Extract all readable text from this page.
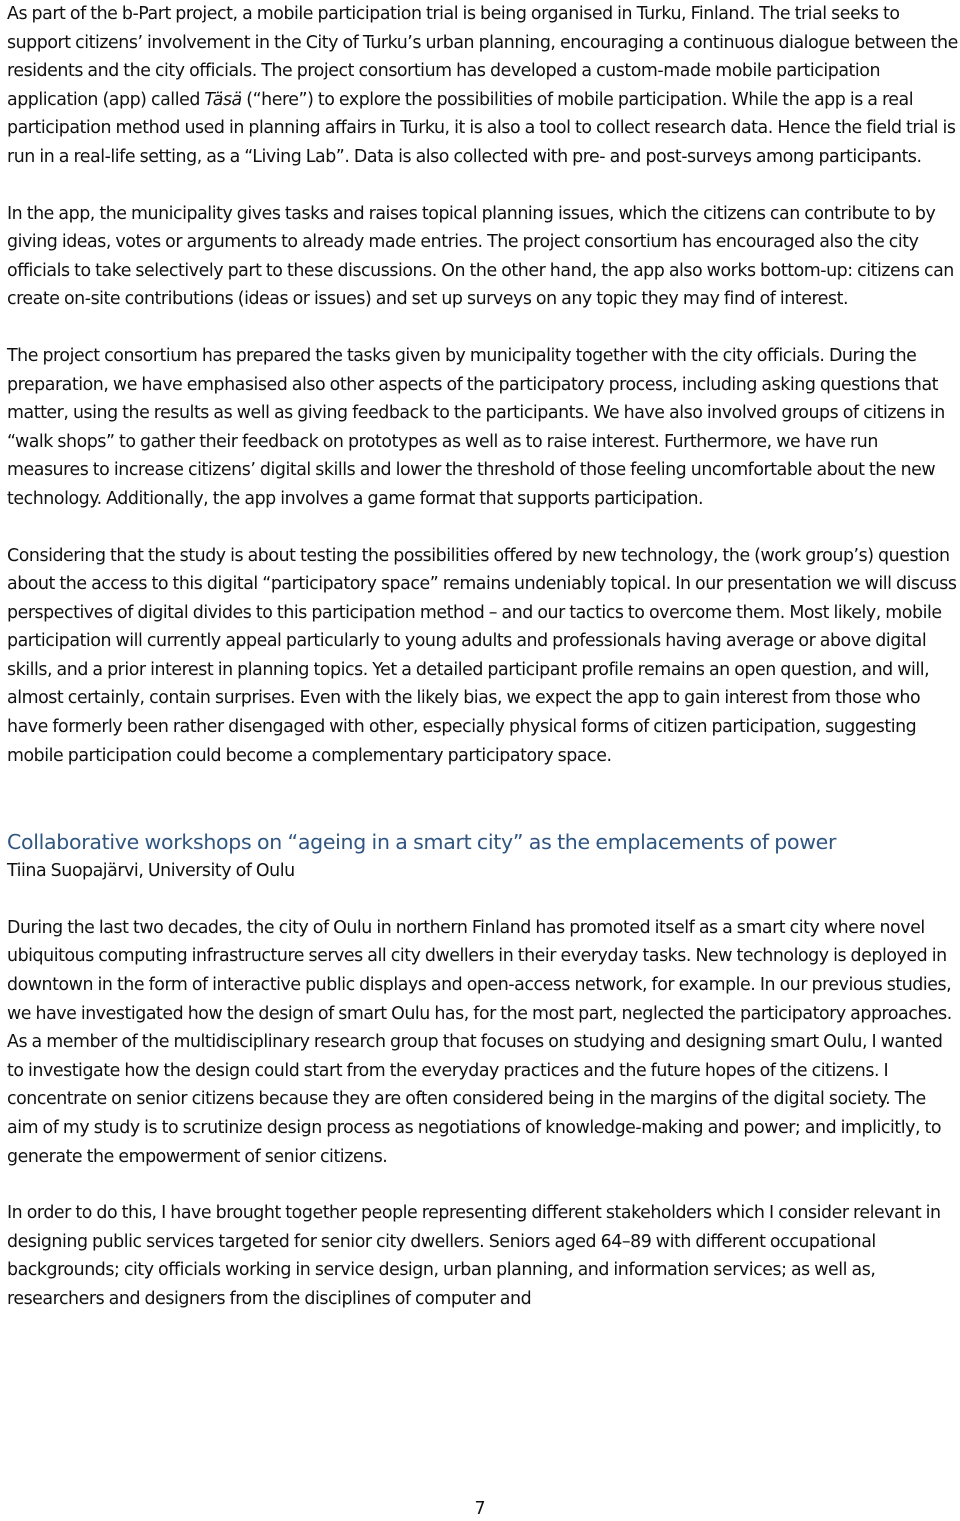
As part of the b-Part project, a mobile participation trial is being organised in Turku, Finland. The trial seeks to support citizens’ involvement in the City of Turku’s urban planning, encouraging a continuous dialogue between the residents and the city officials. The project consortium has developed a custom-made mobile participation application (app) called Täsä (“here”) to explore the possibilities of mobile participation. While the app is a real participation method used in planning affairs in Turku, it is also a tool to collect research data. Hence the field trial is run in a real-life setting, as a “Living Lab”. Data is also collected with pre- and post-surveys among participants.

In the app, the municipality gives tasks and raises topical planning issues, which the citizens can contribute to by giving ideas, votes or arguments to already made entries. The project consortium has encouraged also the city officials to take selectively part to these discussions. On the other hand, the app also works bottom-up: citizens can create on-site contributions (ideas or issues) and set up surveys on any topic they may find of interest.

The project consortium has prepared the tasks given by municipality together with the city officials. During the preparation, we have emphasised also other aspects of the participatory process, including asking questions that matter, using the results as well as giving feedback to the participants. We have also involved groups of citizens in “walk shops” to gather their feedback on prototypes as well as to raise interest. Furthermore, we have run measures to increase citizens’ digital skills and lower the threshold of those feeling uncomfortable about the new technology. Additionally, the app involves a game format that supports participation.

Considering that the study is about testing the possibilities offered by new technology, the (work group’s) question about the access to this digital “participatory space” remains undeniably topical. In our presentation we will discuss perspectives of digital divides to this participation method – and our tactics to overcome them. Most likely, mobile participation will currently appeal particularly to young adults and professionals having average or above digital skills, and a prior interest in planning topics. Yet a detailed participant profile remains an open question, and will, almost certainly, contain surprises. Even with the likely bias, we expect the app to gain interest from those who have formerly been rather disengaged with other, especially physical forms of citizen participation, suggesting mobile participation could become a complementary participatory space.

Collaborative workshops on “ageing in a smart city” as the emplacements of power

Tiina Suopajärvi, University of Oulu

During the last two decades, the city of Oulu in northern Finland has promoted itself as a smart city where novel ubiquitous computing infrastructure serves all city dwellers in their everyday tasks. New technology is deployed in downtown in the form of interactive public displays and open-access network, for example. In our previous studies, we have investigated how the design of smart Oulu has, for the most part, neglected the participatory approaches. As a member of the multidisciplinary research group that focuses on studying and designing smart Oulu, I wanted to investigate how the design could start from the everyday practices and the future hopes of the citizens. I concentrate on senior citizens because they are often considered being in the margins of the digital society. The aim of my study is to scrutinize design process as negotiations of knowledge-making and power; and implicitly, to generate the empowerment of senior citizens.

In order to do this, I have brought together people representing different stakeholders which I consider relevant in designing public services targeted for senior city dwellers. Seniors aged 64–89 with different occupational backgrounds; city officials working in service design, urban planning, and information services; as well as, researchers and designers from the disciplines of computer and

7
